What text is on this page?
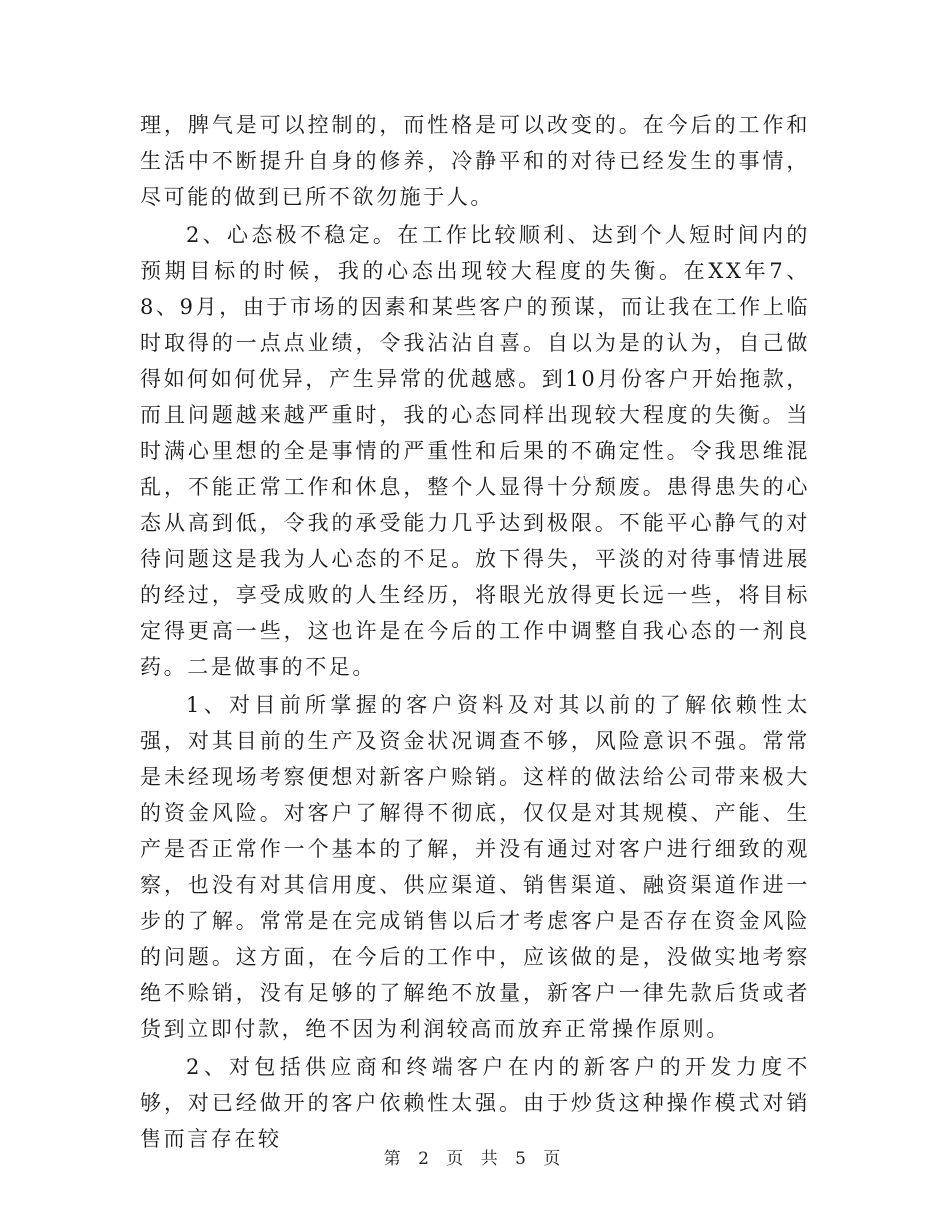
理，脾气是可以控制的，而性格是可以改变的。在今后的工作和生活中不断提升自身的修养，冷静平和的对待已经发生的事情，尽可能的做到已所不欲勿施于人。

2、心态极不稳定。在工作比较顺利、达到个人短时间内的预期目标的时候，我的心态出现较大程度的失衡。在XX年7、8、9月，由于市场的因素和某些客户的预谋，而让我在工作上临时取得的一点点业绩，令我沾沾自喜。自以为是的认为，自己做得如何如何优异，产生异常的优越感。到10月份客户开始拖款，而且问题越来越严重时，我的心态同样出现较大程度的失衡。当时满心里想的全是事情的严重性和后果的不确定性。令我思维混乱，不能正常工作和休息，整个人显得十分颓废。患得患失的心态从高到低，令我的承受能力几乎达到极限。不能平心静气的对待问题这是我为人心态的不足。放下得失，平淡的对待事情进展的经过，享受成败的人生经历，将眼光放得更长远一些，将目标定得更高一些，这也许是在今后的工作中调整自我心态的一剂良药。二是做事的不足。

1、对目前所掌握的客户资料及对其以前的了解依赖性太强，对其目前的生产及资金状况调查不够，风险意识不强。常常是未经现场考察便想对新客户赊销。这样的做法给公司带来极大的资金风险。对客户了解得不彻底，仅仅是对其规模、产能、生产是否正常作一个基本的了解，并没有通过对客户进行细致的观察，也没有对其信用度、供应渠道、销售渠道、融资渠道作进一步的了解。常常是在完成销售以后才考虑客户是否存在资金风险的问题。这方面，在今后的工作中，应该做的是，没做实地考察绝不赊销，没有足够的了解绝不放量，新客户一律先款后货或者货到立即付款，绝不因为利润较高而放弃正常操作原则。

2、对包括供应商和终端客户在内的新客户的开发力度不够，对已经做开的客户依赖性太强。由于炒货这种操作模式对销售而言存在较

第 2 页 共 5 页
